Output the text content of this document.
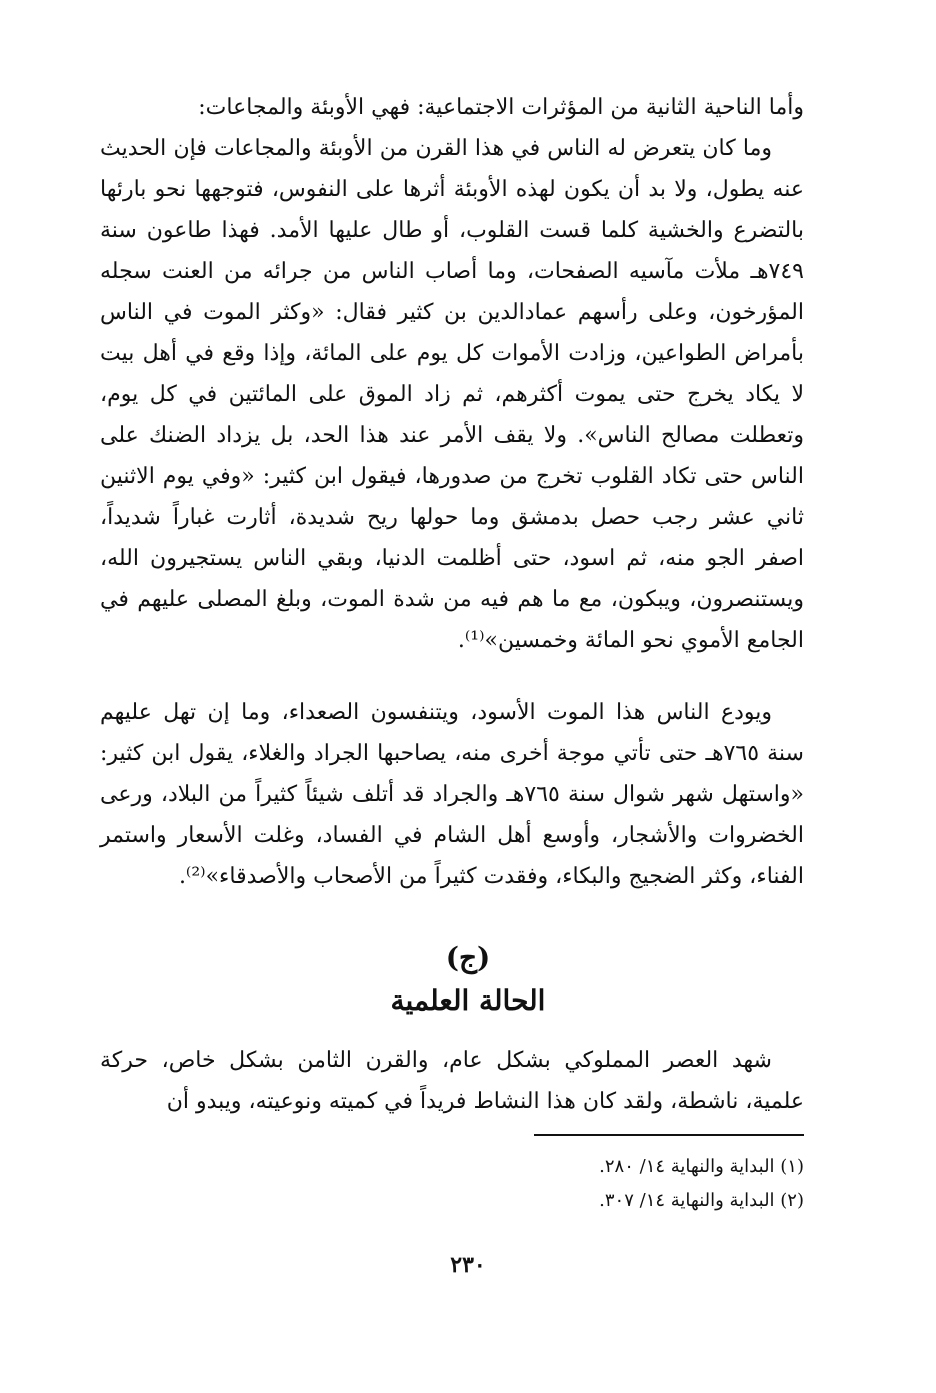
وأما الناحية الثانية من المؤثرات الاجتماعية: فهي الأوبئة والمجاعات:

وما كان يتعرض له الناس في هذا القرن من الأوبئة والمجاعات فإن الحديث عنه يطول، ولا بد أن يكون لهذه الأوبئة أثرها على النفوس، فتوجهها نحو بارئها بالتضرع والخشية كلما قست القلوب، أو طال عليها الأمد. فهذا طاعون سنة ٧٤٩هـ ملأت مآسيه الصفحات، وما أصاب الناس من جرائه من العنت سجله المؤرخون، وعلى رأسهم عمادالدين بن كثير فقال: «وكثر الموت في الناس بأمراض الطواعين، وزادت الأموات كل يوم على المائة، وإذا وقع في أهل بيت لا يكاد يخرج حتى يموت أكثرهم، ثم زاد الموق على المائتين في كل يوم، وتعطلت مصالح الناس». ولا يقف الأمر عند هذا الحد، بل يزداد الضنك على الناس حتى تكاد القلوب تخرج من صدورها، فيقول ابن كثير: «وفي يوم الاثنين ثاني عشر رجب حصل بدمشق وما حولها ريح شديدة، أثارت غباراً شديداً، اصفر الجو منه، ثم اسود، حتى أظلمت الدنيا، وبقي الناس يستجيرون الله، ويستنصرون، ويبكون، مع ما هم فيه من شدة الموت، وبلغ المصلى عليهم في الجامع الأموي نحو المائة وخمسين»⁽¹⁾.

ويودع الناس هذا الموت الأسود، ويتنفسون الصعداء، وما إن تهل عليهم سنة ٧٦٥هـ حتى تأتي موجة أخرى منه، يصاحبها الجراد والغلاء، يقول ابن كثير: «واستهل شهر شوال سنة ٧٦٥هـ والجراد قد أتلف شيئاً كثيراً من البلاد، ورعى الخضروات والأشجار، وأوسع أهل الشام في الفساد، وغلت الأسعار واستمر الفناء، وكثر الضجيج والبكاء، وفقدت كثيراً من الأصحاب والأصدقاء»⁽²⁾.

(ج)
الحالة العلمية

شهد العصر المملوكي بشكل عام، والقرن الثامن بشكل خاص، حركة علمية، ناشطة، ولقد كان هذا النشاط فريداً في كميته ونوعيته، ويبدو أن

(١) البداية والنهاية ١٤/ ٢٨٠.
(٢) البداية والنهاية ١٤/ ٣٠٧.
٢٣٠
